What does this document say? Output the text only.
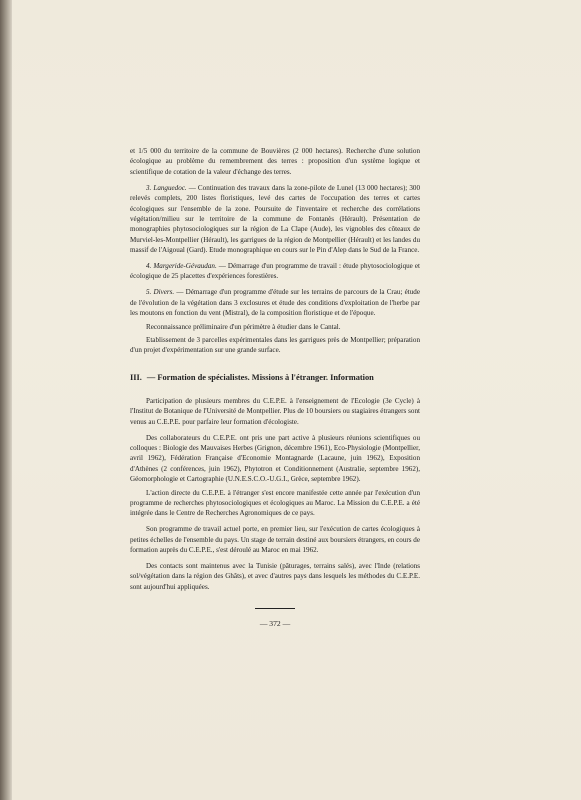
et 1/5 000 du territoire de la commune de Bouvières (2 000 hectares). Recherche d'une solution écologique au problème du remembrement des terres : proposition d'un système logique et scientifique de cotation de la valeur d'échange des terres.

3. Languedoc. — Continuation des travaux dans la zone-pilote de Lunel (13 000 hectares); 300 relevés complets, 200 listes floristiques, levé des cartes de l'occupation des terres et cartes écologiques sur l'ensemble de la zone. Poursuite de l'inventaire et recherche des corrélations végétation/milieu sur le territoire de la commune de Fontanès (Hérault). Présentation de monographies phytosociologiques sur la région de La Clape (Aude), les vignobles des côteaux de Murviel-les-Montpellier (Hérault), les garrigues de la région de Montpellier (Hérault) et les landes du massif de l'Aigoual (Gard). Etude monographique en cours sur le Pin d'Alep dans le Sud de la France.

4. Margeride-Gévaudan. — Démarrage d'un programme de travail : étude phytosociologique et écologique de 25 placettes d'expériences forestières.

5. Divers. — Démarrage d'un programme d'étude sur les terrains de parcours de la Crau; étude de l'évolution de la végétation dans 3 exclosures et étude des conditions d'exploitation de l'herbe par les moutons en fonction du vent (Mistral), de la composition floristique et de l'époque.

Reconnaissance préliminaire d'un périmètre à étudier dans le Cantal.

Etablissement de 3 parcelles expérimentales dans les garrigues près de Montpellier; préparation d'un projet d'expérimentation sur une grande surface.

III. — Formation de spécialistes. Missions à l'étranger. Information

Participation de plusieurs membres du C.E.P.E. à l'enseignement de l'Ecologie (3e Cycle) à l'Institut de Botanique de l'Université de Montpellier. Plus de 10 boursiers ou stagiaires étrangers sont venus au C.E.P.E. pour parfaire leur formation d'écologiste.

Des collaborateurs du C.E.P.E. ont pris une part active à plusieurs réunions scientifiques ou colloques : Biologie des Mauvaises Herbes (Grignon, décembre 1961), Eco-Physiologie (Montpellier, avril 1962), Fédération Française d'Economie Montagnarde (Lacaune, juin 1962), Exposition d'Athènes (2 conférences, juin 1962), Phytotron et Conditionnement (Australie, septembre 1962), Géomorphologie et Cartographie (U.N.E.S.C.O.-U.G.I., Grèce, septembre 1962).

L'action directe du C.E.P.E. à l'étranger s'est encore manifestée cette année par l'exécution d'un programme de recherches phytosociologiques et écologiques au Maroc. La Mission du C.E.P.E. a été intégrée dans le Centre de Recherches Agronomiques de ce pays.

Son programme de travail actuel porte, en premier lieu, sur l'exécution de cartes écologiques à petites échelles de l'ensemble du pays. Un stage de terrain destiné aux boursiers étrangers, en cours de formation auprès du C.E.P.E., s'est déroulé au Maroc en mai 1962.

Des contacts sont maintenus avec la Tunisie (pâturages, terrains salés), avec l'Inde (relations sol/végétation dans la région des Ghâts), et avec d'autres pays dans lesquels les méthodes du C.E.P.E. sont aujourd'hui appliquées.

— 372 —
